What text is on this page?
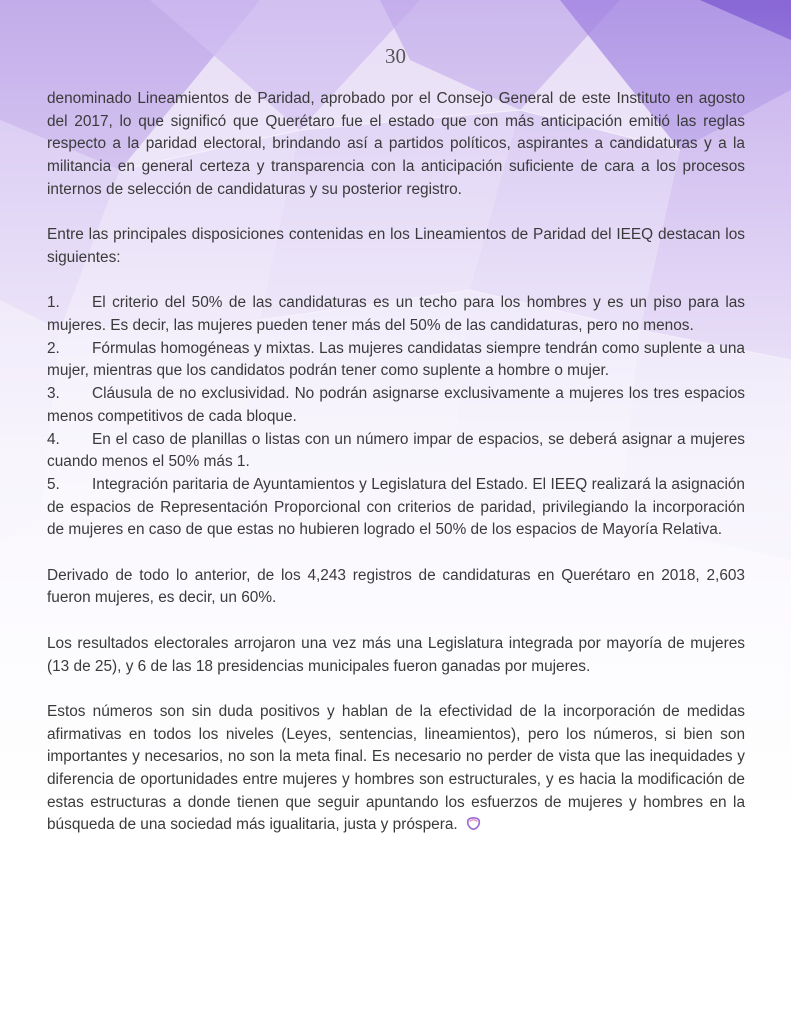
30

denominado Lineamientos de Paridad, aprobado por el Consejo General de este Instituto en agosto del 2017, lo que significó que Querétaro fue el estado que con más anticipación emitió las reglas respecto a la paridad electoral, brindando así a partidos políticos, aspirantes a candidaturas y a la militancia en general certeza y transparencia con la anticipación suficiente de cara a los procesos internos de selección de candidaturas y su posterior registro.

Entre las principales disposiciones contenidas en los Lineamientos de Paridad del IEEQ destacan los siguientes:

1. El criterio del 50% de las candidaturas es un techo para los hombres y es un piso para las mujeres. Es decir, las mujeres pueden tener más del 50% de las candidaturas, pero no menos.
2. Fórmulas homogéneas y mixtas. Las mujeres candidatas siempre tendrán como suplente a una mujer, mientras que los candidatos podrán tener como suplente a hombre o mujer.
3. Cláusula de no exclusividad. No podrán asignarse exclusivamente a mujeres los tres espacios menos competitivos de cada bloque.
4. En el caso de planillas o listas con un número impar de espacios, se deberá asignar a mujeres cuando menos el 50% más 1.
5. Integración paritaria de Ayuntamientos y Legislatura del Estado. El IEEQ realizará la asignación de espacios de Representación Proporcional con criterios de paridad, privilegiando la incorporación de mujeres en caso de que estas no hubieren logrado el 50% de los espacios de Mayoría Relativa.

Derivado de todo lo anterior, de los 4,243 registros de candidaturas en Querétaro en 2018, 2,603 fueron mujeres, es decir, un 60%.

Los resultados electorales arrojaron una vez más una Legislatura integrada por mayoría de mujeres (13 de 25), y 6 de las 18 presidencias municipales fueron ganadas por mujeres.

Estos números son sin duda positivos y hablan de la efectividad de la incorporación de medidas afirmativas en todos los niveles (Leyes, sentencias, lineamientos), pero los números, si bien son importantes y necesarios, no son la meta final. Es necesario no perder de vista que las inequidades y diferencia de oportunidades entre mujeres y hombres son estructurales, y es hacia la modificación de estas estructuras a donde tienen que seguir apuntando los esfuerzos de mujeres y hombres en la búsqueda de una sociedad más igualitaria, justa y próspera.
